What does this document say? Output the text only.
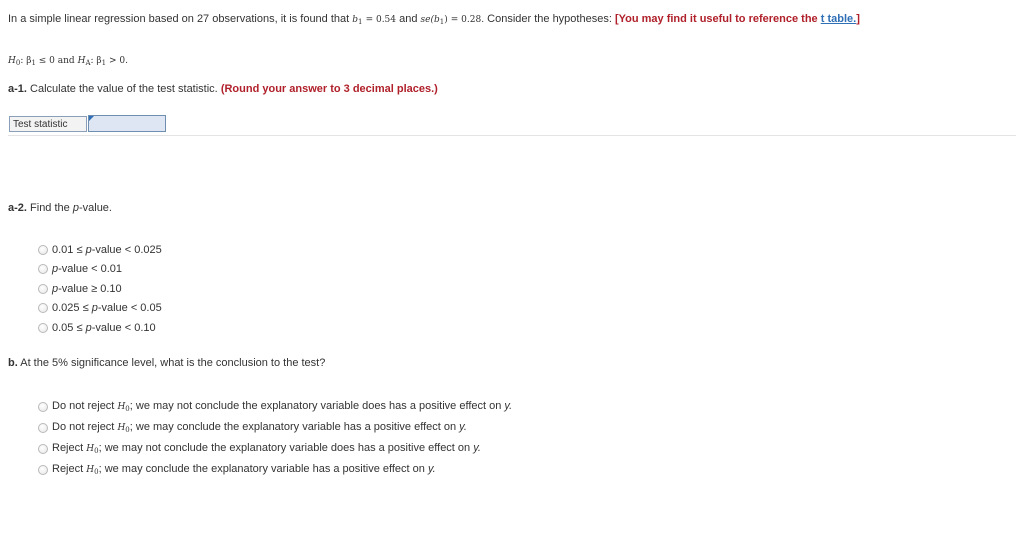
In a simple linear regression based on 27 observations, it is found that $b_1 = 0.54$ and $se(b_1) = 0.28$. Consider the hypotheses: [You may find it useful to reference the t table.]
$H_0$: $\beta_1 \le 0$ and $H_A$: $\beta_1 > 0$.
a-1. Calculate the value of the test statistic. (Round your answer to 3 decimal places.)
Test statistic
a-2. Find the p-value.
0.01 ≤ p-value < 0.025
p-value < 0.01
p-value ≥ 0.10
0.025 ≤ p-value < 0.05
0.05 ≤ p-value < 0.10
b. At the 5% significance level, what is the conclusion to the test?
Do not reject $H_0$; we may not conclude the explanatory variable does has a positive effect on y.
Do not reject $H_0$; we may conclude the explanatory variable has a positive effect on y.
Reject $H_0$; we may not conclude the explanatory variable does has a positive effect on y.
Reject $H_0$; we may conclude the explanatory variable has a positive effect on y.
